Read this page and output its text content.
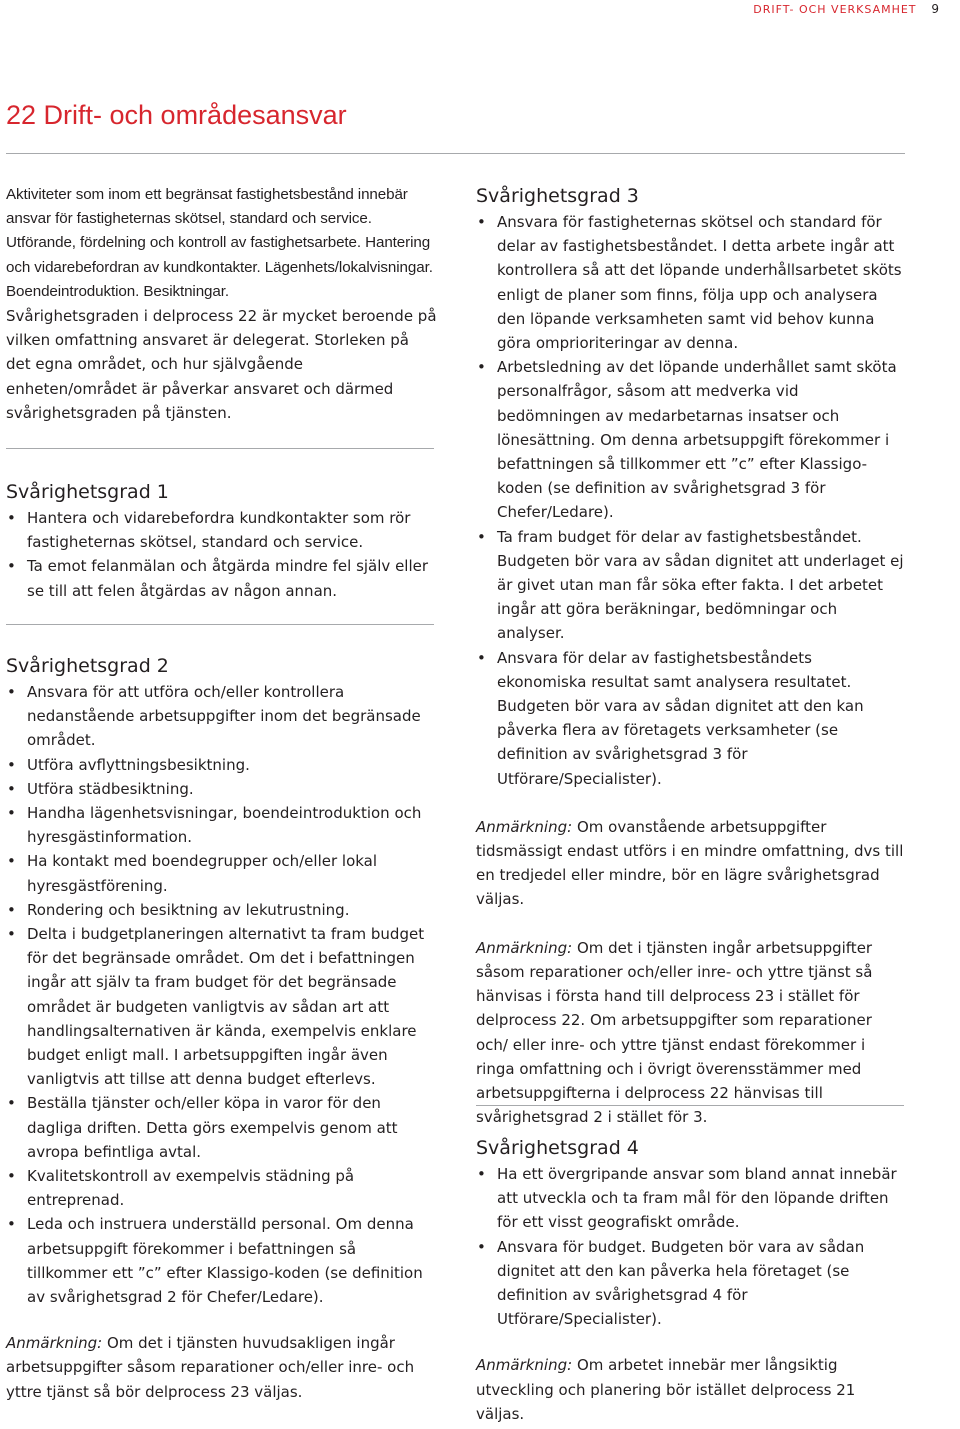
DRIFT- OCH VERKSAMHET 9
22 Drift- och områdesansvar

Aktiviteter som inom ett begränsat fastighetsbestånd innebär ansvar för fastigheternas skötsel, standard och service. Utförande, fördelning och kontroll av fastighetsarbete. Hantering och vidarebefordran av kundkontakter. Lägenhets/lokalvisningar. Boendeintroduktion. Besiktningar.

Svårighetsgraden i delprocess 22 är mycket beroende på vilken omfattning ansvaret är delegerat. Storleken på det egna området, och hur självgående enheten/området är påverkar ansvaret och därmed svårighetsgraden på tjänsten.

Svårighetsgrad 1
• Hantera och vidarebefordra kundkontakter som rör fastigheternas skötsel, standard och service.
• Ta emot felanmälan och åtgärda mindre fel själv eller se till att felen åtgärdas av någon annan.
Svårighetsgrad 2
• Ansvara för att utföra och/eller kontrollera nedanstående arbetsuppgifter inom det begränsade området.
• Utföra avflyttningsbesiktning.
• Utföra städbesiktning.
• Handha lägenhetsvisningar, boendeintroduktion och hyresgästinformation.
• Ha kontakt med boendegrupper och/eller lokal hyresgästförening.
• Rondering och besiktning av lekutrustning.
• Delta i budgetplaneringen alternativt ta fram budget för det begränsade området. Om det i befattningen ingår att själv ta fram budget för det begränsade området är budgeten vanligtvis av sådan art att handlingsalternativen är kända, exempelvis enklare budget enligt mall. I arbetsuppgiften ingår även vanligtvis att tillse att denna budget efterlevs.
• Beställa tjänster och/eller köpa in varor för den dagliga driften. Detta görs exempelvis genom att avropa befintliga avtal.
• Kvalitetskontroll av exempelvis städning på entreprenad.
• Leda och instruera underställd personal. Om denna arbetsuppgift förekommer i befattningen så tillkommer ett ”c” efter Klassigo-koden (se definition av svårighetsgrad 2 för Chefer/Ledare).

Anmärkning: Om det i tjänsten huvudsakligen ingår arbetsuppgifter såsom reparationer och/eller inre- och yttre tjänst så bör delprocess 23 väljas.

Svårighetsgrad 3
• Ansvara för fastigheternas skötsel och standard för delar av fastighetsbeståndet. I detta arbete ingår att kontrollera så att det löpande underhållsarbetet sköts enligt de planer som finns, följa upp och analysera den löpande verksamheten samt vid behov kunna göra omprioriteringar av denna.
• Arbetsledning av det löpande underhållet samt sköta personalfrågor, såsom att medverka vid bedömningen av medarbetarnas insatser och lönesättning. Om denna arbetsuppgift förekommer i befattningen så tillkommer ett ”c” efter Klassigo-koden (se definition av svårighetsgrad 3 för Chefer/Ledare).
• Ta fram budget för delar av fastighetsbeståndet. Budgeten bör vara av sådan dignitet att underlaget ej är givet utan man får söka efter fakta. I det arbetet ingår att göra beräkningar, bedömningar och analyser.
• Ansvara för delar av fastighetsbeståndets ekonomiska resultat samt analysera resultatet. Budgeten bör vara av sådan dignitet att den kan påverka flera av företagets verksamheter (se definition av svårighetsgrad 3 för Utförare/Specialister).

Anmärkning: Om ovanstående arbetsuppgifter tidsmässigt endast utförs i en mindre omfattning, dvs till en tredjedel eller mindre, bör en lägre svårighetsgrad väljas.

Anmärkning: Om det i tjänsten ingår arbetsuppgifter såsom reparationer och/eller inre- och yttre tjänst så hänvisas i första hand till delprocess 23 i stället för delprocess 22. Om arbetsuppgifter som reparationer och/ eller inre- och yttre tjänst endast förekommer i ringa omfattning och i övrigt överensstämmer med arbetsuppgifterna i delprocess 22 hänvisas till svårighetsgrad 2 i stället för 3.

Svårighetsgrad 4
• Ha ett övergripande ansvar som bland annat innebär att utveckla och ta fram mål för den löpande driften för ett visst geografiskt område.
• Ansvara för budget. Budgeten bör vara av sådan dignitet att den kan påverka hela företaget (se definition av svårighetsgrad 4 för Utförare/Specialister).

Anmärkning: Om arbetet innebär mer långsiktig utveckling och planering bör istället delprocess 21 väljas.
